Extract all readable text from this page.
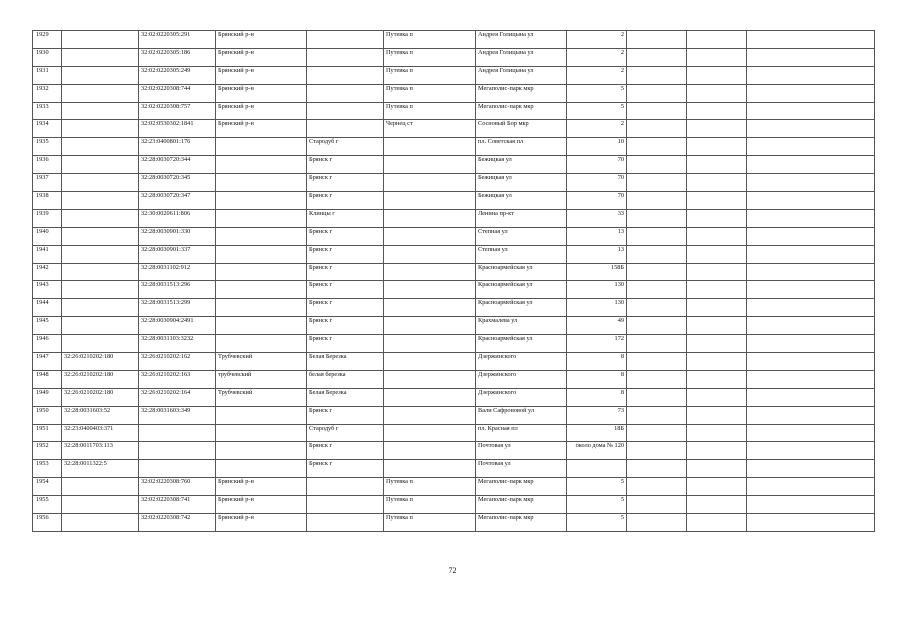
1929		32:02:0220305:291	Брянский р-н		Путевка п	Андрея Голицына ул	2			
1930		32:02:0220305:186	Брянский р-н		Путевка п	Андрея Голицына ул	2			
1931		32:02:0220305:249	Брянский р-н		Путевка п	Андрея Голицына ул	2			
1932		32:02:0220308:744	Брянский р-н		Путевка п	Мегаполис-парк мкр	5			
1933		32:02:0220308:757	Брянский р-н		Путевка п	Мегаполис-парк мкр	5			
1934		32:02:0530302:1841	Брянский р-н		Чернец ст	Сосновый Бор мкр	2			
1935		32:23:0400801:176		Стародуб г		пл. Советская пл	10			
1936		32:28:0030720:344		Брянск г		Бежицкая ул	70			
1937		32:28:0030720:345		Брянск г		Бежицкая ул	70			
1938		32:28:0030720:347		Брянск г		Бежицкая ул	70			
1939		32:30:0020611:806		Клинцы г		Ленина пр-кт	33			
1940		32:28:0030901:330		Брянск г		Степная ул	13			
1941		32:28:0030901:337		Брянск г		Степная ул	13			
1942		32:28:0031102:912		Брянск г		Красноармейская ул	158Б			
1943		32:28:0031513:296		Брянск г		Красноармейская ул	130			
1944		32:28:0031513:299		Брянск г		Красноармейская ул	130			
1945		32:28:0030904:2491		Брянск г		Крахмалева ул	49			
1946		32:28:0031103:3232		Брянск г		Красноармейская ул	172			
1947	32:26:0210202:180	32:26:0210202:162	Трубчевский	Белая Березка		Дзержинского	8			
1948	32:26:0210202:180	32:26:0210202:163	трубчевский	белая березка		Дзержинского	8			
1949	32:26:0210202:180	32:26:0210202:164	Трубчевский	Белая Березка		Дзержинского	8			
1950	32:28:0031603:52	32:28:0031603:349		Брянск г		Вали Сафроновой ул	73			
1951	32:23:0400403:371			Стародуб г		пл. Красная пл	18Б			
1952	32:28:0011703:113			Брянск г		Почтовая ул	около дома № 120			
1953	32:28:0011322:5			Брянск г		Почтовая ул				
1954		32:02:0220308:760	Брянский р-н		Путевка п	Мегаполис-парк мкр	5			
1955		32:02:0220308:741	Брянский р-н		Путевка п	Мегаполис-парк мкр	5			
1956		32:02:0220308:742	Брянский р-н		Путевка п	Мегаполис-парк мкр	5			
72
